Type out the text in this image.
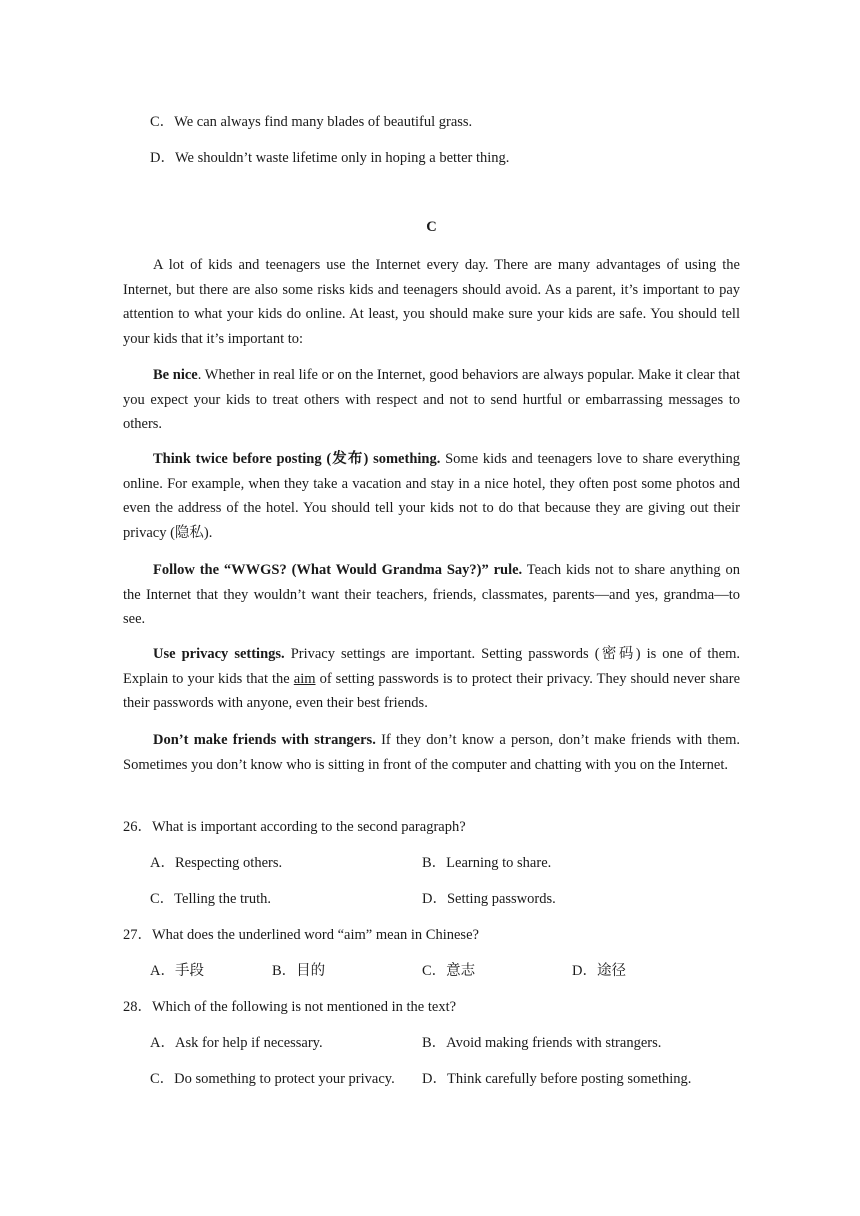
C．We can always find many blades of beautiful grass.
D．We shouldn’t waste lifetime only in hoping a better thing.
C
A lot of kids and teenagers use the Internet every day. There are many advantages of using the Internet, but there are also some risks kids and teenagers should avoid. As a parent, it’s important to pay attention to what your kids do online. At least, you should make sure your kids are safe. You should tell your kids that it’s important to:
Be nice. Whether in real life or on the Internet, good behaviors are always popular. Make it clear that you expect your kids to treat others with respect and not to send hurtful or embarrassing messages to others.
Think twice before posting (发布) something. Some kids and teenagers love to share everything online. For example, when they take a vacation and stay in a nice hotel, they often post some photos and even the address of the hotel. You should tell your kids not to do that because they are giving out their privacy (隐私).
Follow the “WWGS? (What Would Grandma Say?)” rule. Teach kids not to share anything on the Internet that they wouldn’t want their teachers, friends, classmates, parents—and yes, grandma—to see.
Use privacy settings. Privacy settings are important. Setting passwords (密码) is one of them. Explain to your kids that the aim of setting passwords is to protect their privacy. They should never share their passwords with anyone, even their best friends.
Don’t make friends with strangers. If they don’t know a person, don’t make friends with them. Sometimes you don’t know who is sitting in front of the computer and chatting with you on the Internet.
26．What is important according to the second paragraph?
A．Respecting others.	B．Learning to share.
C．Telling the truth.	D．Setting passwords.
27．What does the underlined word “aim” mean in Chinese?
A．手段	B．目的	C．意志	D．途径
28．Which of the following is not mentioned in the text?
A．Ask for help if necessary.	B．Avoid making friends with strangers.
C．Do something to protect your privacy. D．Think carefully before posting something.
